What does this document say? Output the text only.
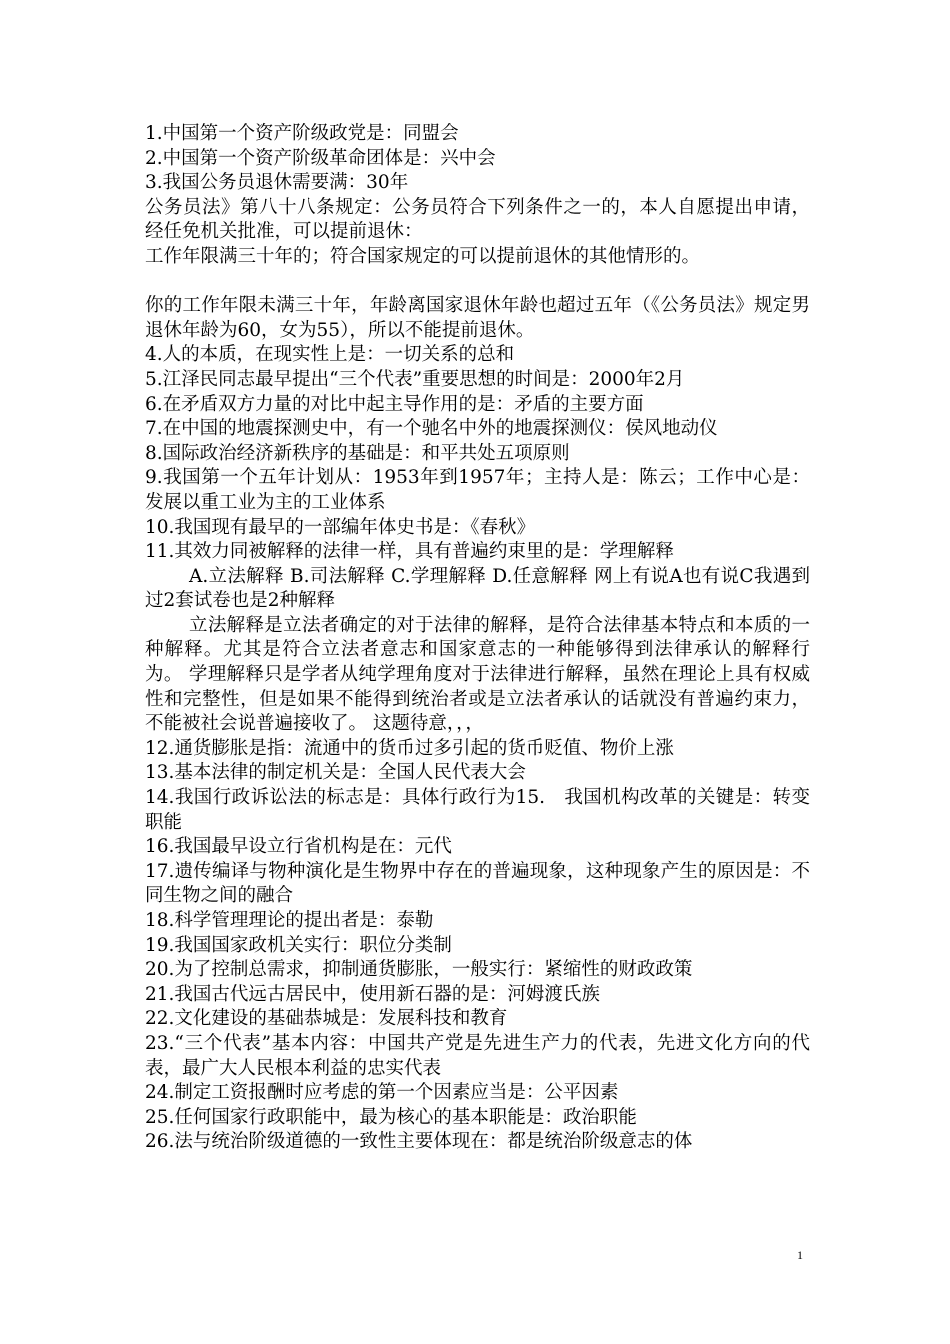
1.中国第一个资产阶级政党是：同盟会

2.中国第一个资产阶级革命团体是：兴中会

3.我国公务员退休需要满：30年

公务员法》第八十八条规定：公务员符合下列条件之一的，本人自愿提出申请，经任免机关批准，可以提前退休：

工作年限满三十年的；符合国家规定的可以提前退休的其他情形的。

你的工作年限未满三十年，年龄离国家退休年龄也超过五年（《公务员法》规定男退休年龄为60，女为55），所以不能提前退休。

4.人的本质，在现实性上是：一切关系的总和

5.江泽民同志最早提出“三个代表”重要思想的时间是：2000年2月

6.在矛盾双方力量的对比中起主导作用的是：矛盾的主要方面

7.在中国的地震探测史中，有一个驰名中外的地震探测仪：侯风地动仪

8.国际政治经济新秩序的基础是：和平共处五项原则

9.我国第一个五年计划从：1953年到1957年；主持人是：陈云；工作中心是：发展以重工业为主的工业体系

10.我国现有最早的一部编年体史书是：《春秋》

11.其效力同被解释的法律一样，具有普遍约束里的是：学理解释

A.立法解释 B.司法解释 C.学理解释 D.任意解释 网上有说A也有说C我遇到过2套试卷也是2种解释

立法解释是立法者确定的对于法律的解释，是符合法律基本特点和本质的一种解释。尤其是符合立法者意志和国家意志的一种能够得到法律承认的解释行为。 学理解释只是学者从纯学理角度对于法律进行解释，虽然在理论上具有权威性和完整性，但是如果不能得到统治者或是立法者承认的话就没有普遍约束力，不能被社会说普遍接收了。 这题待意，，，

12.通货膨胀是指：流通中的货币过多引起的货币贬值、物价上涨

13.基本法律的制定机关是：全国人民代表大会

14.我国行政诉讼法的标志是：具体行政行为15.　我国机构改革的关键是：转变职能

16.我国最早设立行省机构是在：元代

17.遗传编译与物种演化是生物界中存在的普遍现象，这种现象产生的原因是：不同生物之间的融合

18.科学管理理论的提出者是：泰勒

19.我国国家政机关实行：职位分类制

20.为了控制总需求，抑制通货膨胀，一般实行：紧缩性的财政政策

21.我国古代远古居民中，使用新石器的是：河姆渡氏族

22.文化建设的基础恭城是：发展科技和教育

23.“三个代表”基本内容：中国共产党是先进生产力的代表，先进文化方向的代表，最广大人民根本利益的忠实代表

24.制定工资报酬时应考虑的第一个因素应当是：公平因素

25.任何国家行政职能中，最为核心的基本职能是：政治职能

26.法与统治阶级道德的一致性主要体现在：都是统治阶级意志的体

1
